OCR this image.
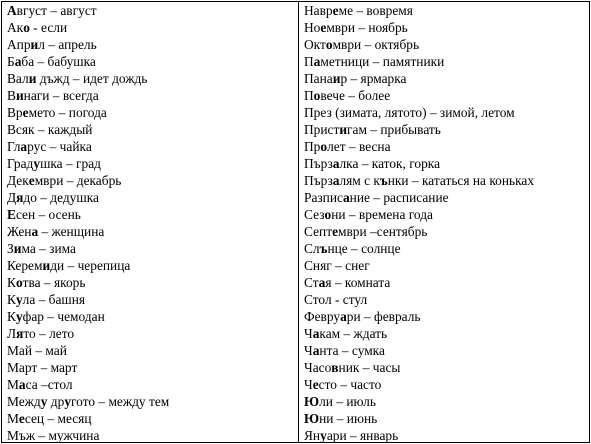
Август – август
Ако - если
Април – апрель
Баба – бабушка
Вали дъжд – идет дождь
Винаги – всегда
Времето – погода
Всяк – каждый
Гларус – чайка
Градушка – град
Декември – декабрь
Дядо – дедушка
Есен – осень
Жена – женщина
Зима – зима
Керемиди – черепица
Котва – якорь
Кула – башня
Куфар – чемодан
Лято – лето
Май – май
Март – март
Маса –стол
Между другото – между тем
Месец – месяц
Мъж – мужчина
Навреме – вовремя
Ноември – ноябрь
Октомври – октябрь
Паметници – памятники
Панаир – ярмарка
Повече – более
През (зимата, лятото) – зимой, летом
Пристигам – прибывать
Пролет – весна
Пързалка – каток, горка
Пързалям с кънки – кататься на коньках
Разписание – расписание
Сезони – времена года
Септември –сентябрь
Слънце – солнце
Сняг – снег
Стая – комната
Стол - стул
Февруари – февраль
Чакам – ждать
Чанта – сумка
Часовник – часы
Често – часто
Юли – июль
Юни – июнь
Януари – январь
